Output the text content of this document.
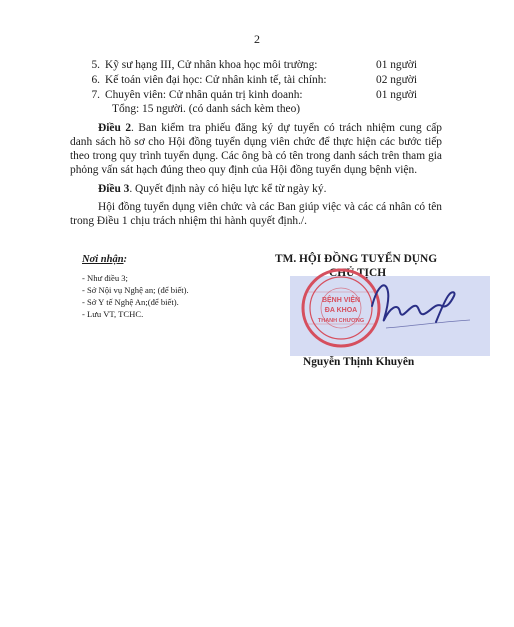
2
5. Kỹ sư hạng III, Cử nhân khoa học môi trường:	01 người
6. Kế toán viên đại học: Cử nhân kinh tế, tài chính:	02 người
7. Chuyên viên: Cử nhân quản trị kinh doanh:	01 người
Tổng: 15 người. (có danh sách kèm theo)
Điều 2. Ban kiểm tra phiếu đăng ký dự tuyển có trách nhiệm cung cấp danh sách hồ sơ cho Hội đồng tuyển dụng viên chức để thực hiện các bước tiếp theo trong quy trình tuyển dụng. Các ông bà có tên trong danh sách trên tham gia phỏng vấn sát hạch đúng theo quy định của Hội đồng tuyển dụng bệnh viện.
Điều 3. Quyết định này có hiệu lực kể từ ngày ký.
Hội đồng tuyển dụng viên chức và các Ban giúp việc và các cá nhân có tên trong Điều 1 chịu trách nhiệm thi hành quyết định./.
Nơi nhận:
- Như điều 3;
- Sở Nội vụ Nghệ an; (để biết).
- Sở Y tế Nghệ An;(để biết).
- Lưu VT, TCHC.
TM. HỘI ĐỒNG TUYỂN DỤNG
CHỦ TỊCH
BỆNH VIỆN
ĐA KHOA
THANH CHƯƠNG
Nguyễn Thịnh Khuyên
